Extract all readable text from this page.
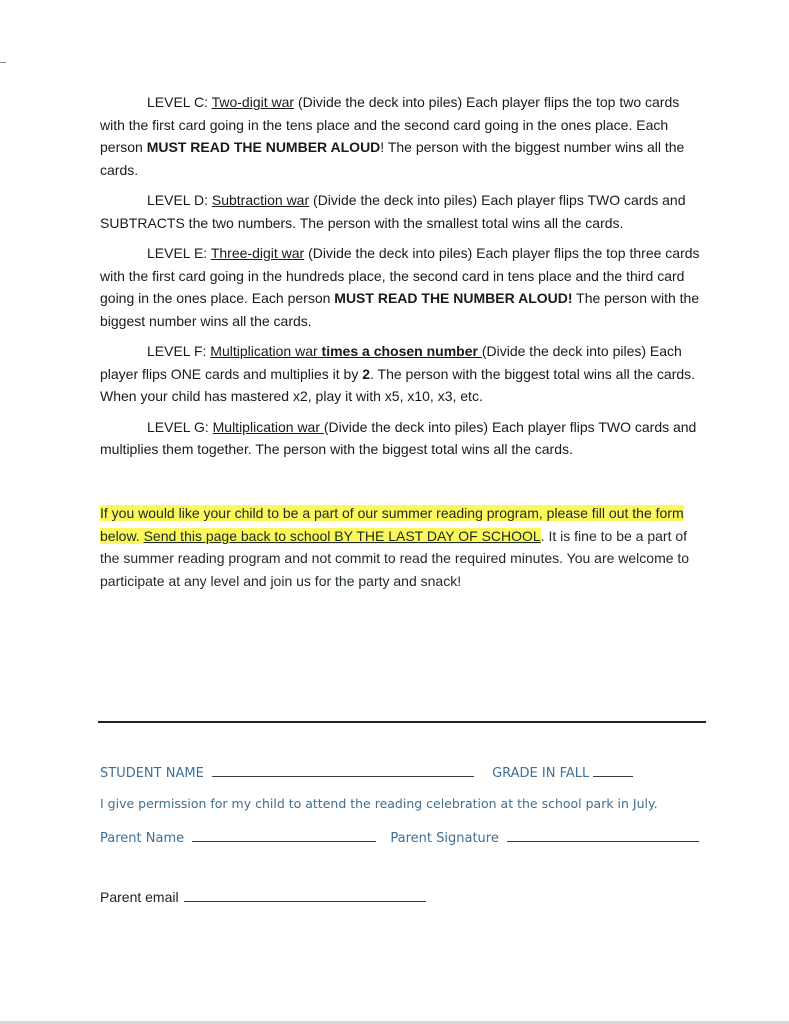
LEVEL C: Two-digit war (Divide the deck into piles) Each player flips the top two cards with the first card going in the tens place and the second card going in the ones place. Each person MUST READ THE NUMBER ALOUD! The person with the biggest number wins all the cards.

LEVEL D: Subtraction war (Divide the deck into piles) Each player flips TWO cards and SUBTRACTS the two numbers. The person with the smallest total wins all the cards.

LEVEL E: Three-digit war (Divide the deck into piles) Each player flips the top three cards with the first card going in the hundreds place, the second card in tens place and the third card going in the ones place. Each person MUST READ THE NUMBER ALOUD! The person with the biggest number wins all the cards.

LEVEL F: Multiplication war times a chosen number (Divide the deck into piles) Each player flips ONE cards and multiplies it by 2. The person with the biggest total wins all the cards. When your child has mastered x2, play it with x5, x10, x3, etc.

LEVEL G: Multiplication war (Divide the deck into piles) Each player flips TWO cards and multiplies them together. The person with the biggest total wins all the cards.

If you would like your child to be a part of our summer reading program, please fill out the form below. Send this page back to school BY THE LAST DAY OF SCHOOL. It is fine to be a part of the summer reading program and not commit to read the required minutes. You are welcome to participate at any level and join us for the party and snack!

STUDENT NAME	GRADE IN FALL
I give permission for my child to attend the reading celebration at the school park in July.
Parent Name	Parent Signature
Parent email
